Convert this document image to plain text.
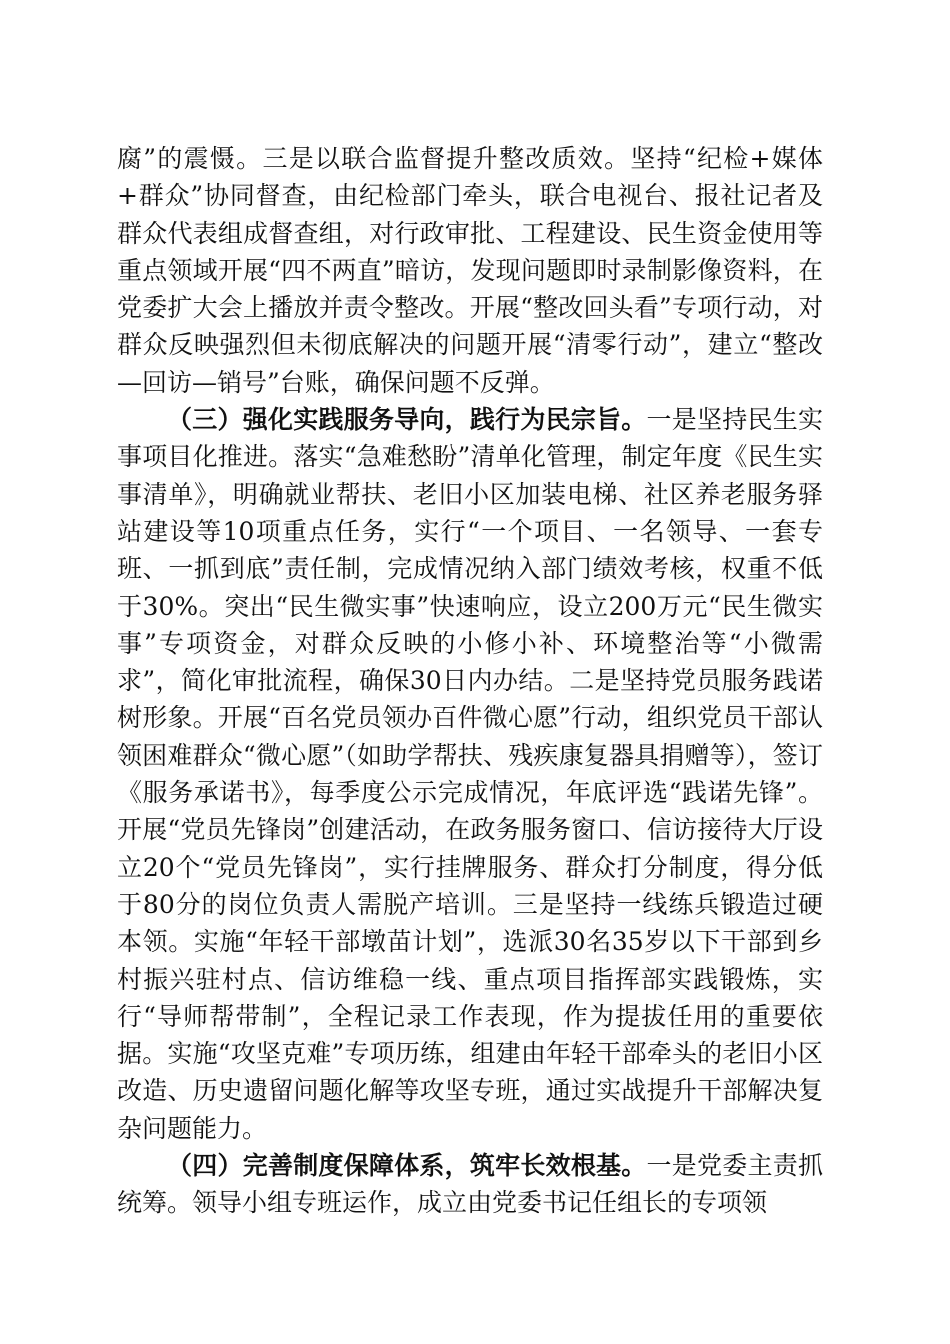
腐”的震慑。三是以联合监督提升整改质效。坚持“纪检+媒体+群众”协同督查，由纪检部门牵头，联合电视台、报社记者及群众代表组成督查组，对行政审批、工程建设、民生资金使用等重点领域开展“四不两直”暗访，发现问题即时录制影像资料，在党委扩大会上播放并责令整改。开展“整改回头看”专项行动，对群众反映强烈但未彻底解决的问题开展“清零行动”，建立“整改—回访—销号”台账，确保问题不反弹。

（三）强化实践服务导向，践行为民宗旨。一是坚持民生实事项目化推进。落实“急难愁盼”清单化管理，制定年度《民生实事清单》，明确就业帮扶、老旧小区加装电梯、社区养老服务驿站建设等10项重点任务，实行“一个项目、一名领导、一套专班、一抓到底”责任制，完成情况纳入部门绩效考核，权重不低于30%。突出“民生微实事”快速响应，设立200万元“民生微实事”专项资金，对群众反映的小修小补、环境整治等“小微需求”，简化审批流程，确保30日内办结。二是坚持党员服务践诺树形象。开展“百名党员领办百件微心愿”行动，组织党员干部认领困难群众“微心愿”（如助学帮扶、残疾康复器具捐赠等），签订《服务承诺书》，每季度公示完成情况，年底评选“践诺先锋”。开展“党员先锋岗”创建活动，在政务服务窗口、信访接待大厅设立20个“党员先锋岗”，实行挂牌服务、群众打分制度，得分低于80分的岗位负责人需脱产培训。三是坚持一线练兵锻造过硬本领。实施“年轻干部墩苗计划”，选派30名35岁以下干部到乡村振兴驻村点、信访维稳一线、重点项目指挥部实践锻炼，实行“导师帮带制”，全程记录工作表现，作为提拔任用的重要依据。实施“攻坚克难”专项历练，组建由年轻干部牵头的老旧小区改造、历史遗留问题化解等攻坚专班，通过实战提升干部解决复杂问题能力。

（四）完善制度保障体系，筑牢长效根基。一是党委主责抓统筹。领导小组专班运作，成立由党委书记任组长的专项领
